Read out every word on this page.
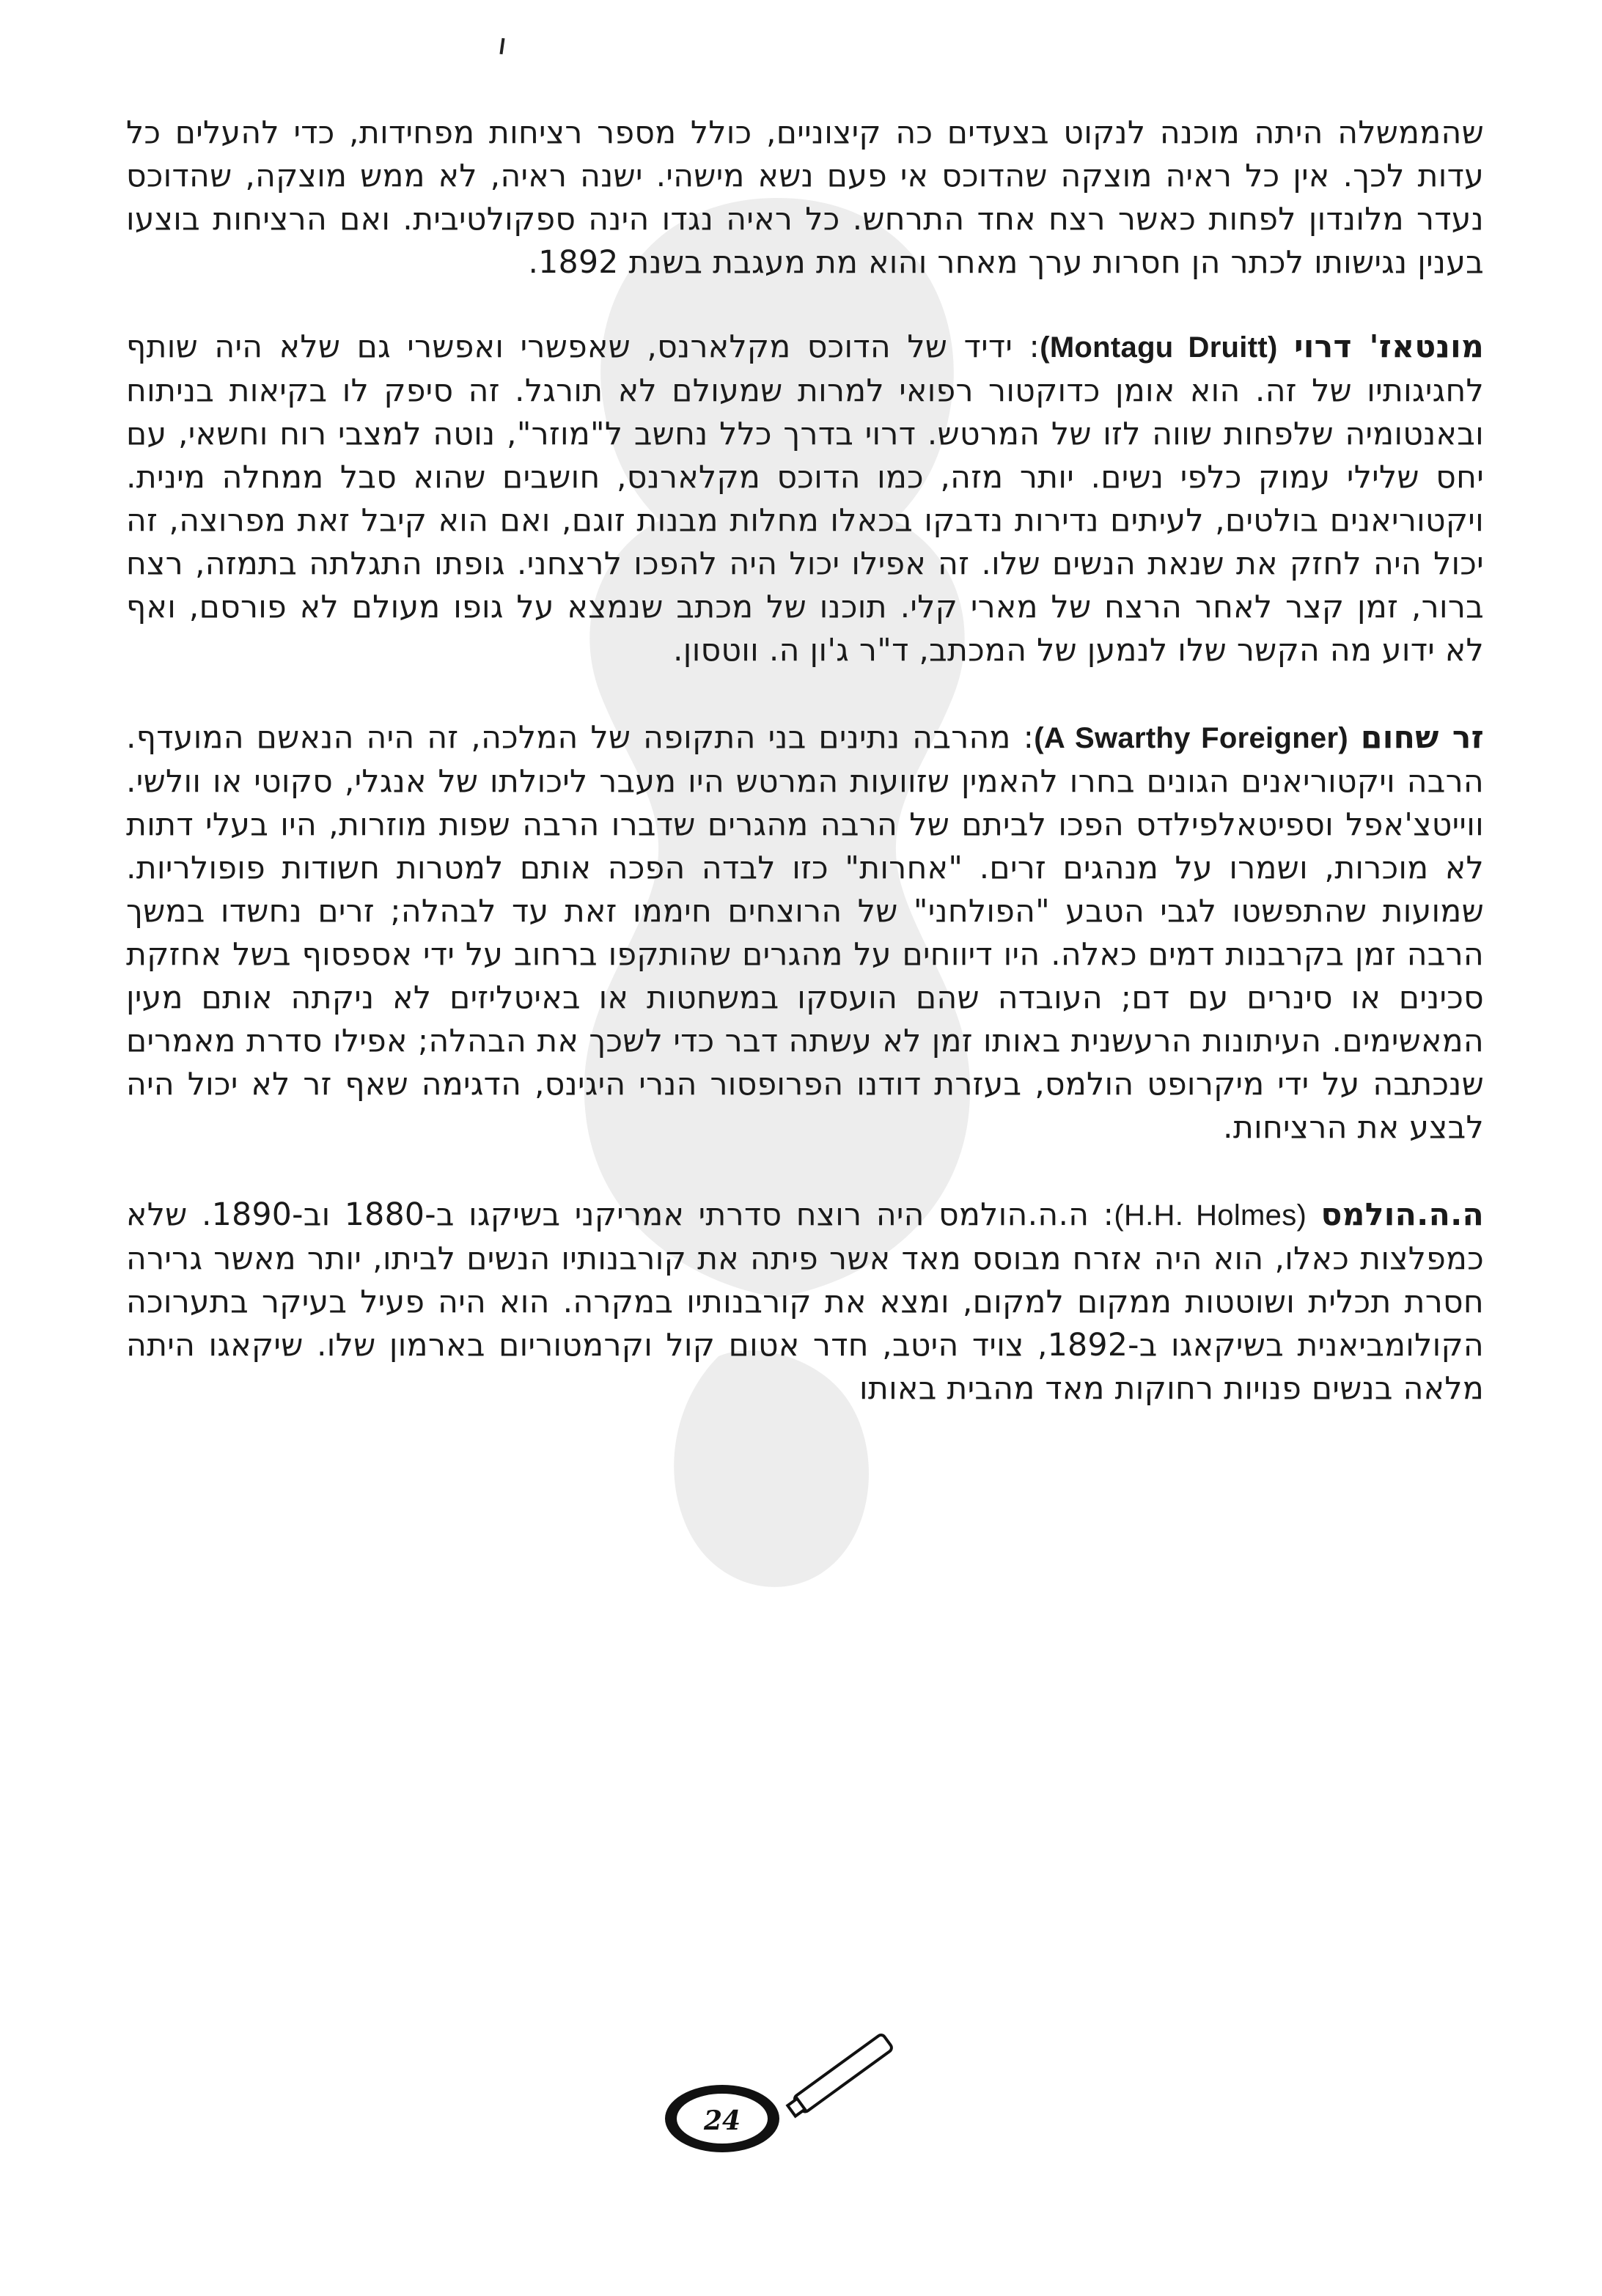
שהממשלה היתה מוכנה לנקוט בצעדים כה קיצוניים, כולל מספר רציחות מפחידות, כדי להעלים כל עדות לכך. אין כל ראיה מוצקה שהדוכס אי פעם נשא מישהי. ישנה ראיה, לא ממש מוצקה, שהדוכס נעדר מלונדון לפחות כאשר רצח אחד התרחש. כל ראיה נגדו הינה ספקולטיבית. ואם הרציחות בוצעו בענין נגישותו לכתר הן חסרות ערך מאחר והוא מת מעגבת בשנת 1892.

מונטאז' דרוי (Montagu Druitt): ידיד של הדוכס מקלארנס, שאפשרי ואפשרי גם שלא היה שותף לחגיגותיו של זה. הוא אומן כדוקטור רפואי למרות שמעולם לא תורגל. זה סיפק לו בקיאות בניתוח ובאנטומיה שלפחות שווה לזו של המרטש. דרוי בדרך כלל נחשב ל"מוזר", נוטה למצבי רוח וחשאי, עם יחס שלילי עמוק כלפי נשים. יותר מזה, כמו הדוכס מקלארנס, חושבים שהוא סבל ממחלה מינית. ויקטוריאנים בולטים, לעיתים נדירות נדבקו בכאלו מחלות מבנות זוגם, ואם הוא קיבל זאת מפרוצה, זה יכול היה לחזק את שנאת הנשים שלו. זה אפילו יכול היה להפכו לרצחני. גופתו התגלתה בתמזה, רצח ברור, זמן קצר לאחר הרצח של מארי קלי. תוכנו של מכתב שנמצא על גופו מעולם לא פורסם, ואף לא ידוע מה הקשר שלו לנמען של המכתב, ד"ר ג'ון ה. ווטסון.

זר שחום (A Swarthy Foreigner): מהרבה נתינים בני התקופה של המלכה, זה היה הנאשם המועדף. הרבה ויקטוריאנים הגונים בחרו להאמין שזוועות המרטש היו מעבר ליכולתו של אנגלי, סקוטי או וולשי. ווייטצ'אפל וספיטאלפילדס הפכו לביתם של הרבה מהגרים שדברו הרבה שפות מוזרות, היו בעלי דתות לא מוכרות, ושמרו על מנהגים זרים. "אחרות" כזו לבדה הפכה אותם למטרות חשודות פופולריות. שמועות שהתפשטו לגבי הטבע "הפולחני" של הרוצחים חיממו זאת עד לבהלה; זרים נחשדו במשך הרבה זמן בקרבנות דמים כאלה. היו דיווחים על מהגרים שהותקפו ברחוב על ידי אספסוף בשל אחזקת סכינים או סינרים עם דם; העובדה שהם הועסקו במשחטות או באיטליזים לא ניקתה אותם מעין המאשימים. העיתונות הרעשנית באותו זמן לא עשתה דבר כדי לשכך את הבהלה; אפילו סדרת מאמרים שנכתבה על ידי מיקרופט הולמס, בעזרת דודנו הפרופסור הנרי היגינס, הדגימה שאף זר לא יכול היה לבצע את הרציחות.

ה.ה.הולמס (H.H. Holmes): ה.ה.הולמס היה רוצח סדרתי אמריקני בשיקגו ב-1880 וב-1890. שלא כמפלצות כאלו, הוא היה אזרח מבוסס מאד אשר פיתה את קורבנותיו הנשים לביתו, יותר מאשר גרירה חסרת תכלית ושוטטות ממקום למקום, ומצא את קורבנותיו במקרה. הוא היה פעיל בעיקר בתערוכה הקולומביאנית בשיקאגו ב-1892, צויד היטב, חדר אטום קול וקרמטוריום בארמון שלו. שיקאגו היתה מלאה בנשים פנויות רחוקות מאד מהבית באותו

24
